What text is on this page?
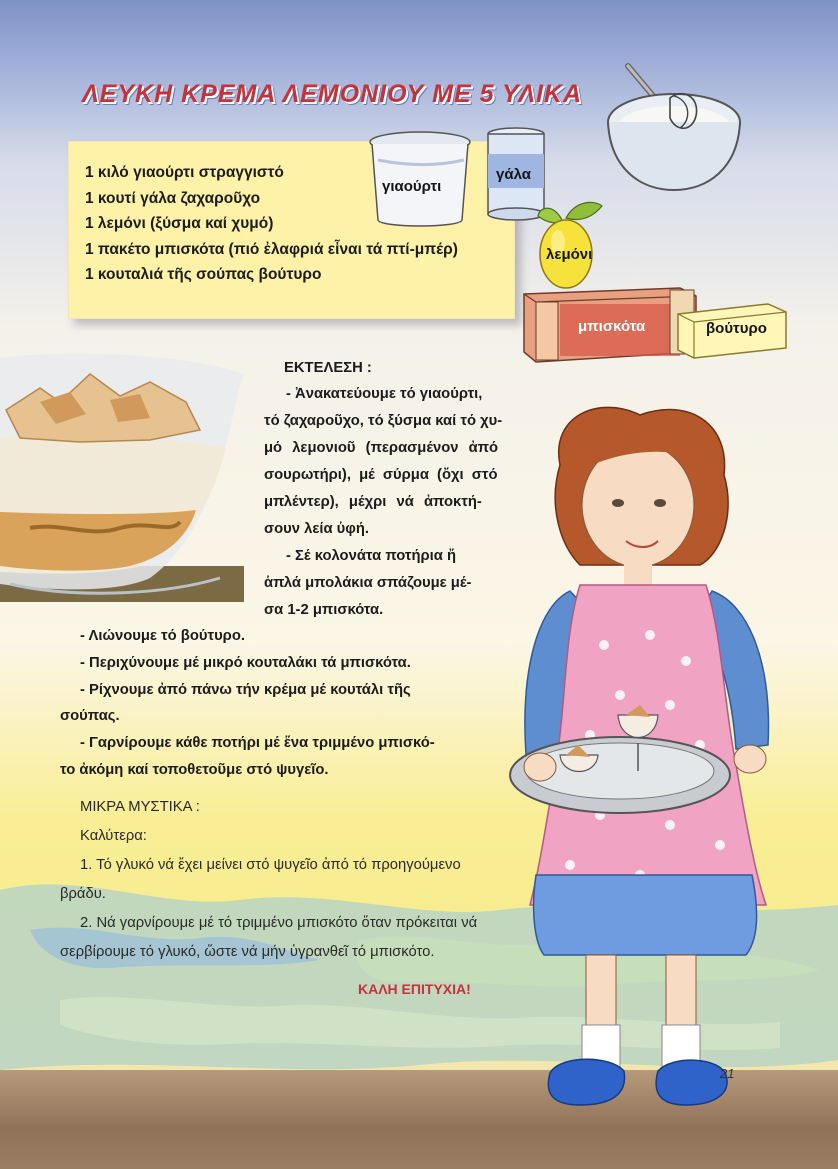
ΛΕΥΚΗ ΚΡΕΜΑ ΛΕΜΟΝΙΟΥ ΜΕ 5 ΥΛΙΚΑ
1 κιλό γιαούρτι στραγγιστό
1 κουτί γάλα ζαχαροῦχο
1 λεμόνι (ξύσμα καί χυμό)
1 πακέτο μπισκότα (πιό ἐλαφριά εἶναι τά πτί-μπέρ)
1 κουταλιά τῆς σούπας βούτυρο
γιαούρτι
γάλα
λεμόνι
μπισκότα	βούτυρο
ΕΚΤΕΛΕΣΗ :
- Ἀνακατεύουμε τό γιαούρτι,
τό ζαχαροῦχο, τό ξύσμα καί τό χυ-
μό λεμονιοῦ (περασμένον ἀπό
σουρωτήρι), μέ σύρμα (ὄχι στό
μπλέντερ), μέχρι νά ἀποκτή-
σουν λεία ὑφή.
- Σέ κολονάτα ποτήρια ἤ
ἁπλά μπολάκια σπάζουμε μέ-
σα 1-2 μπισκότα.
- Λιώνουμε τό βούτυρο.
- Περιχύνουμε μέ μικρό κουταλάκι τά μπισκότα.
- Ρίχνουμε ἀπό πάνω τήν κρέμα μέ κουτάλι τῆς
σούπας.
- Γαρνίρουμε κάθε ποτήρι μέ ἕνα τριμμένο μπισκό-
το ἀκόμη καί τοποθετοῦμε στό ψυγεῖο.
ΜΙΚΡΑ ΜΥΣΤΙΚΑ :
Καλύτερα:
1. Τό γλυκό νά ἔχει μείνει στό ψυγεῖο ἀπό τό προηγούμενο
βράδυ.
2. Νά γαρνίρουμε μέ τό τριμμένο μπισκότο ὅταν πρόκειται νά
σερβίρουμε τό γλυκό, ὥστε νά μήν ὑγρανθεῖ τό μπισκότο.
ΚΑΛΗ ΕΠΙΤΥΧΙΑ!
21
